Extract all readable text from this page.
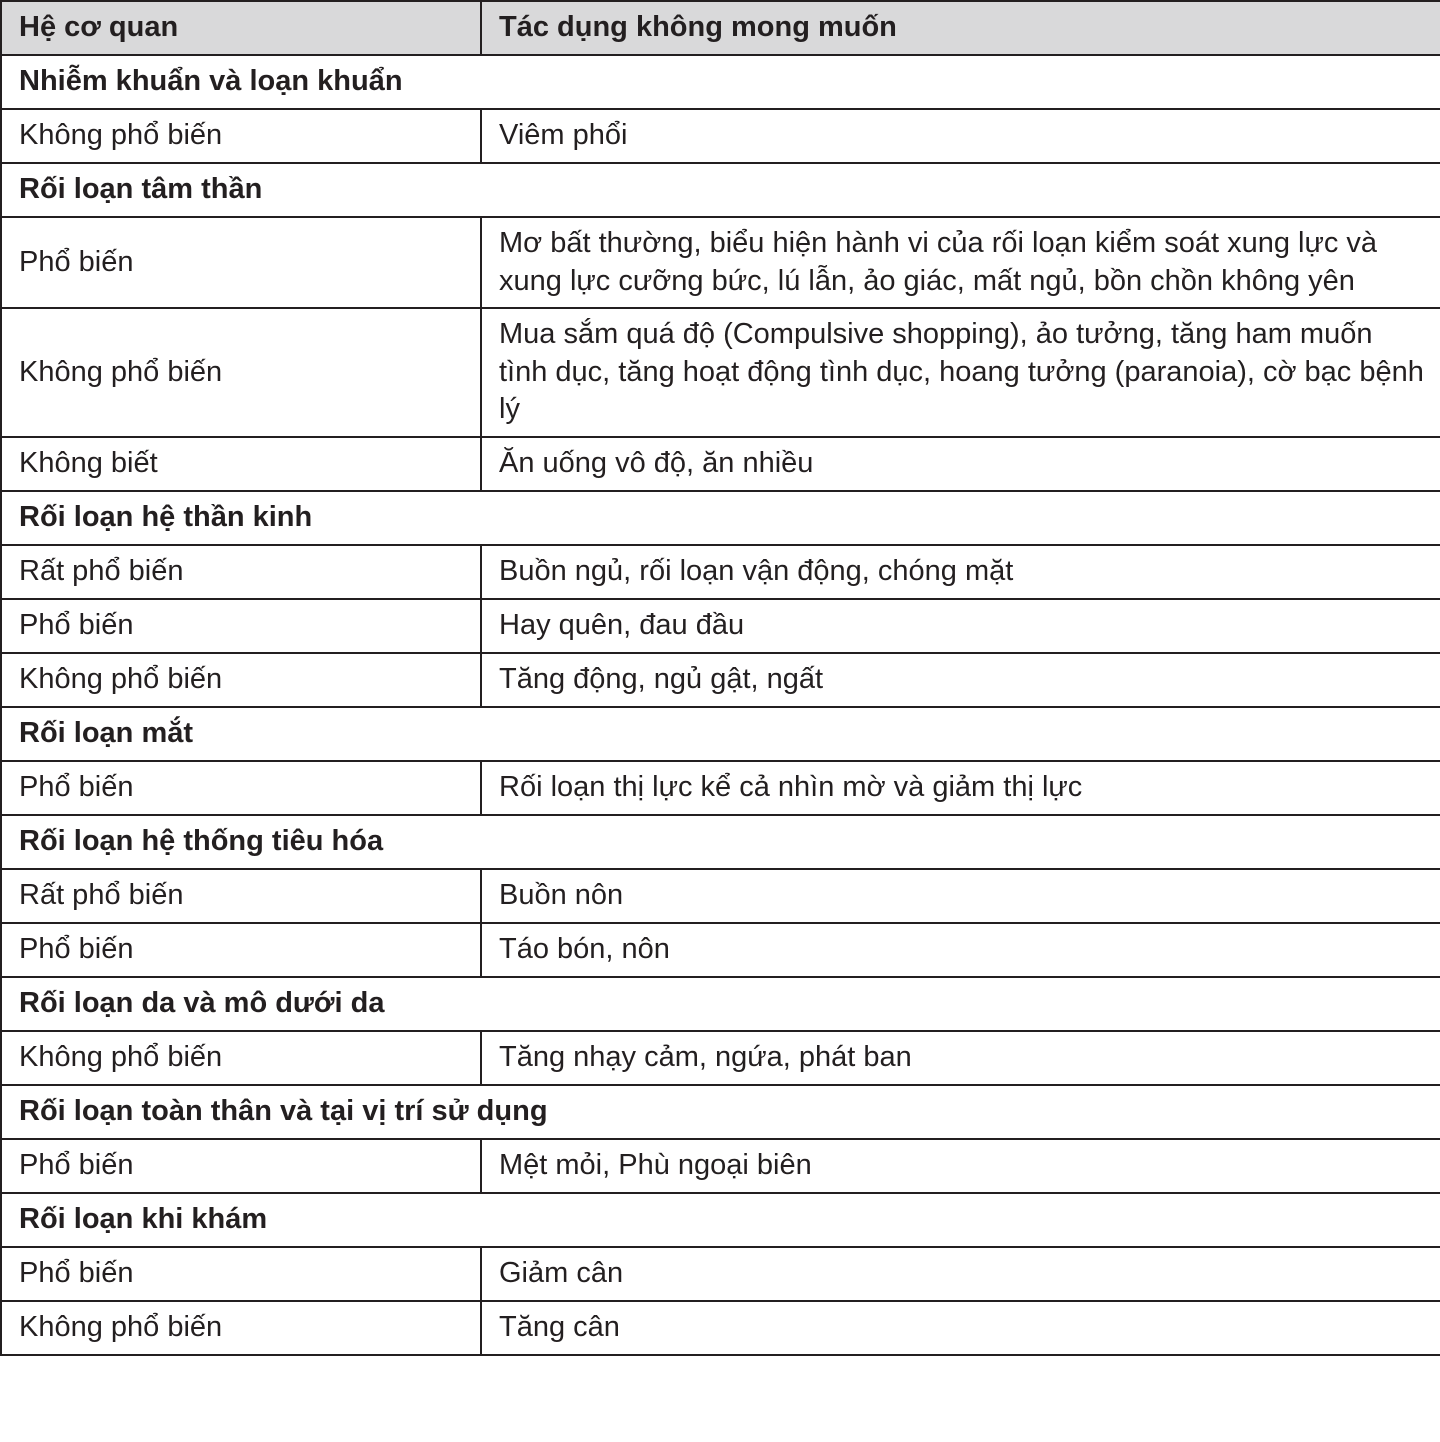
Hệ cơ quan	Tác dụng không mong muốn
Nhiễm khuẩn và loạn khuẩn	
Không phổ biến	Viêm phổi
Rối loạn tâm thần	
Phổ biến	Mơ bất thường, biểu hiện hành vi của rối loạn kiểm soát xung lực và xung lực cưỡng bức, lú lẫn, ảo giác, mất ngủ, bồn chồn không yên
Không phổ biến	Mua sắm quá độ (Compulsive shopping), ảo tưởng, tăng ham muốn tình dục, tăng hoạt động tình dục, hoang tưởng (paranoia), cờ bạc bệnh lý
Không biết	Ăn uống vô độ, ăn nhiều
Rối loạn hệ thần kinh	
Rất phổ biến	Buồn ngủ, rối loạn vận động, chóng mặt
Phổ biến	Hay quên, đau đầu
Không phổ biến	Tăng động, ngủ gật, ngất
Rối loạn mắt	
Phổ biến	Rối loạn thị lực kể cả nhìn mờ và giảm thị lực
Rối loạn hệ thống tiêu hóa	
Rất phổ biến	Buồn nôn
Phổ biến	Táo bón, nôn
Rối loạn da và mô dưới da	
Không phổ biến	Tăng nhạy cảm, ngứa, phát ban
Rối loạn toàn thân và tại vị trí sử dụng	
Phổ biến	Mệt mỏi, Phù ngoại biên
Rối loạn khi khám	
Phổ biến	Giảm cân
Không phổ biến	Tăng cân
